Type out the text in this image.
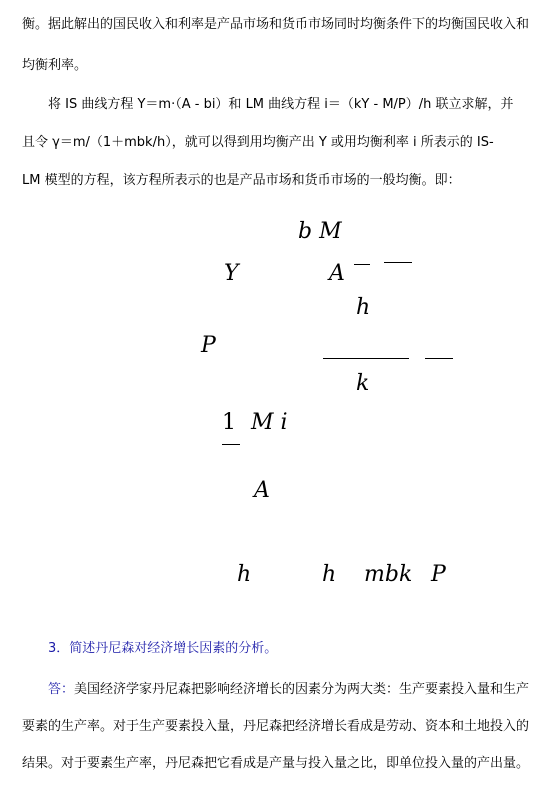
衡。据此解出的国民收入和利率是产品市场和货币市场同时均衡条件下的均衡国民收入和
均衡利率。
将 IS 曲线方程 Y＝m·（A - bi）和 LM 曲线方程 i＝（kY - M/P）/h 联立求解，并
且令 γ＝m/（1＋mbk/h），就可以得到用均衡产出 Y 或用均衡利率 i 所表示的 IS-
LM 模型的方程，该方程所表示的也是产品市场和货币市场的一般均衡。即：
b M
Y	A
h
P
k
1 M i
A
h	h mbk P
3．简述丹尼森对经济增长因素的分析。
答：美国经济学家丹尼森把影响经济增长的因素分为两大类：生产要素投入量和生产
要素的生产率。对于生产要素投入量，丹尼森把经济增长看成是劳动、资本和土地投入的
结果。对于要素生产率，丹尼森把它看成是产量与投入量之比，即单位投入量的产出量。
